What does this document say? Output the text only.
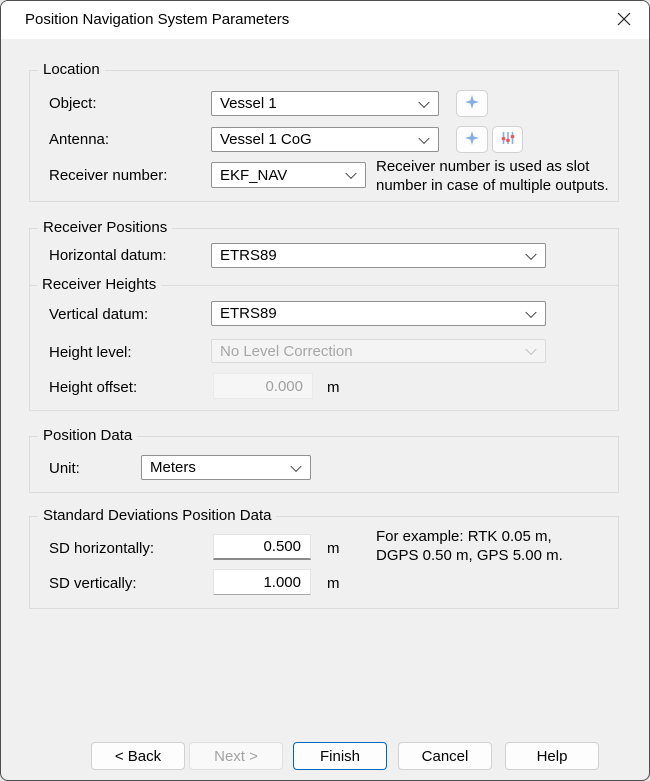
Position Navigation System Parameters
Location
Object:	Vessel 1
Antenna:	Vessel 1 CoG
Receiver number:	EKF_NAV	Receiver number is used as slot
number in case of multiple outputs.
Receiver Positions
Horizontal datum:	ETRS89
Receiver Heights
Vertical datum:	ETRS89
Height level:	No Level Correction
Height offset:
0.000	m
Position Data
Unit:	Meters
Standard Deviations Position Data
SD horizontally:
0.500	m
For example: RTK 0.05 m,
DGPS 0.50 m, GPS 5.00 m.
SD vertically:
1.000	m
< Back	Next >	Finish	Cancel	Help
